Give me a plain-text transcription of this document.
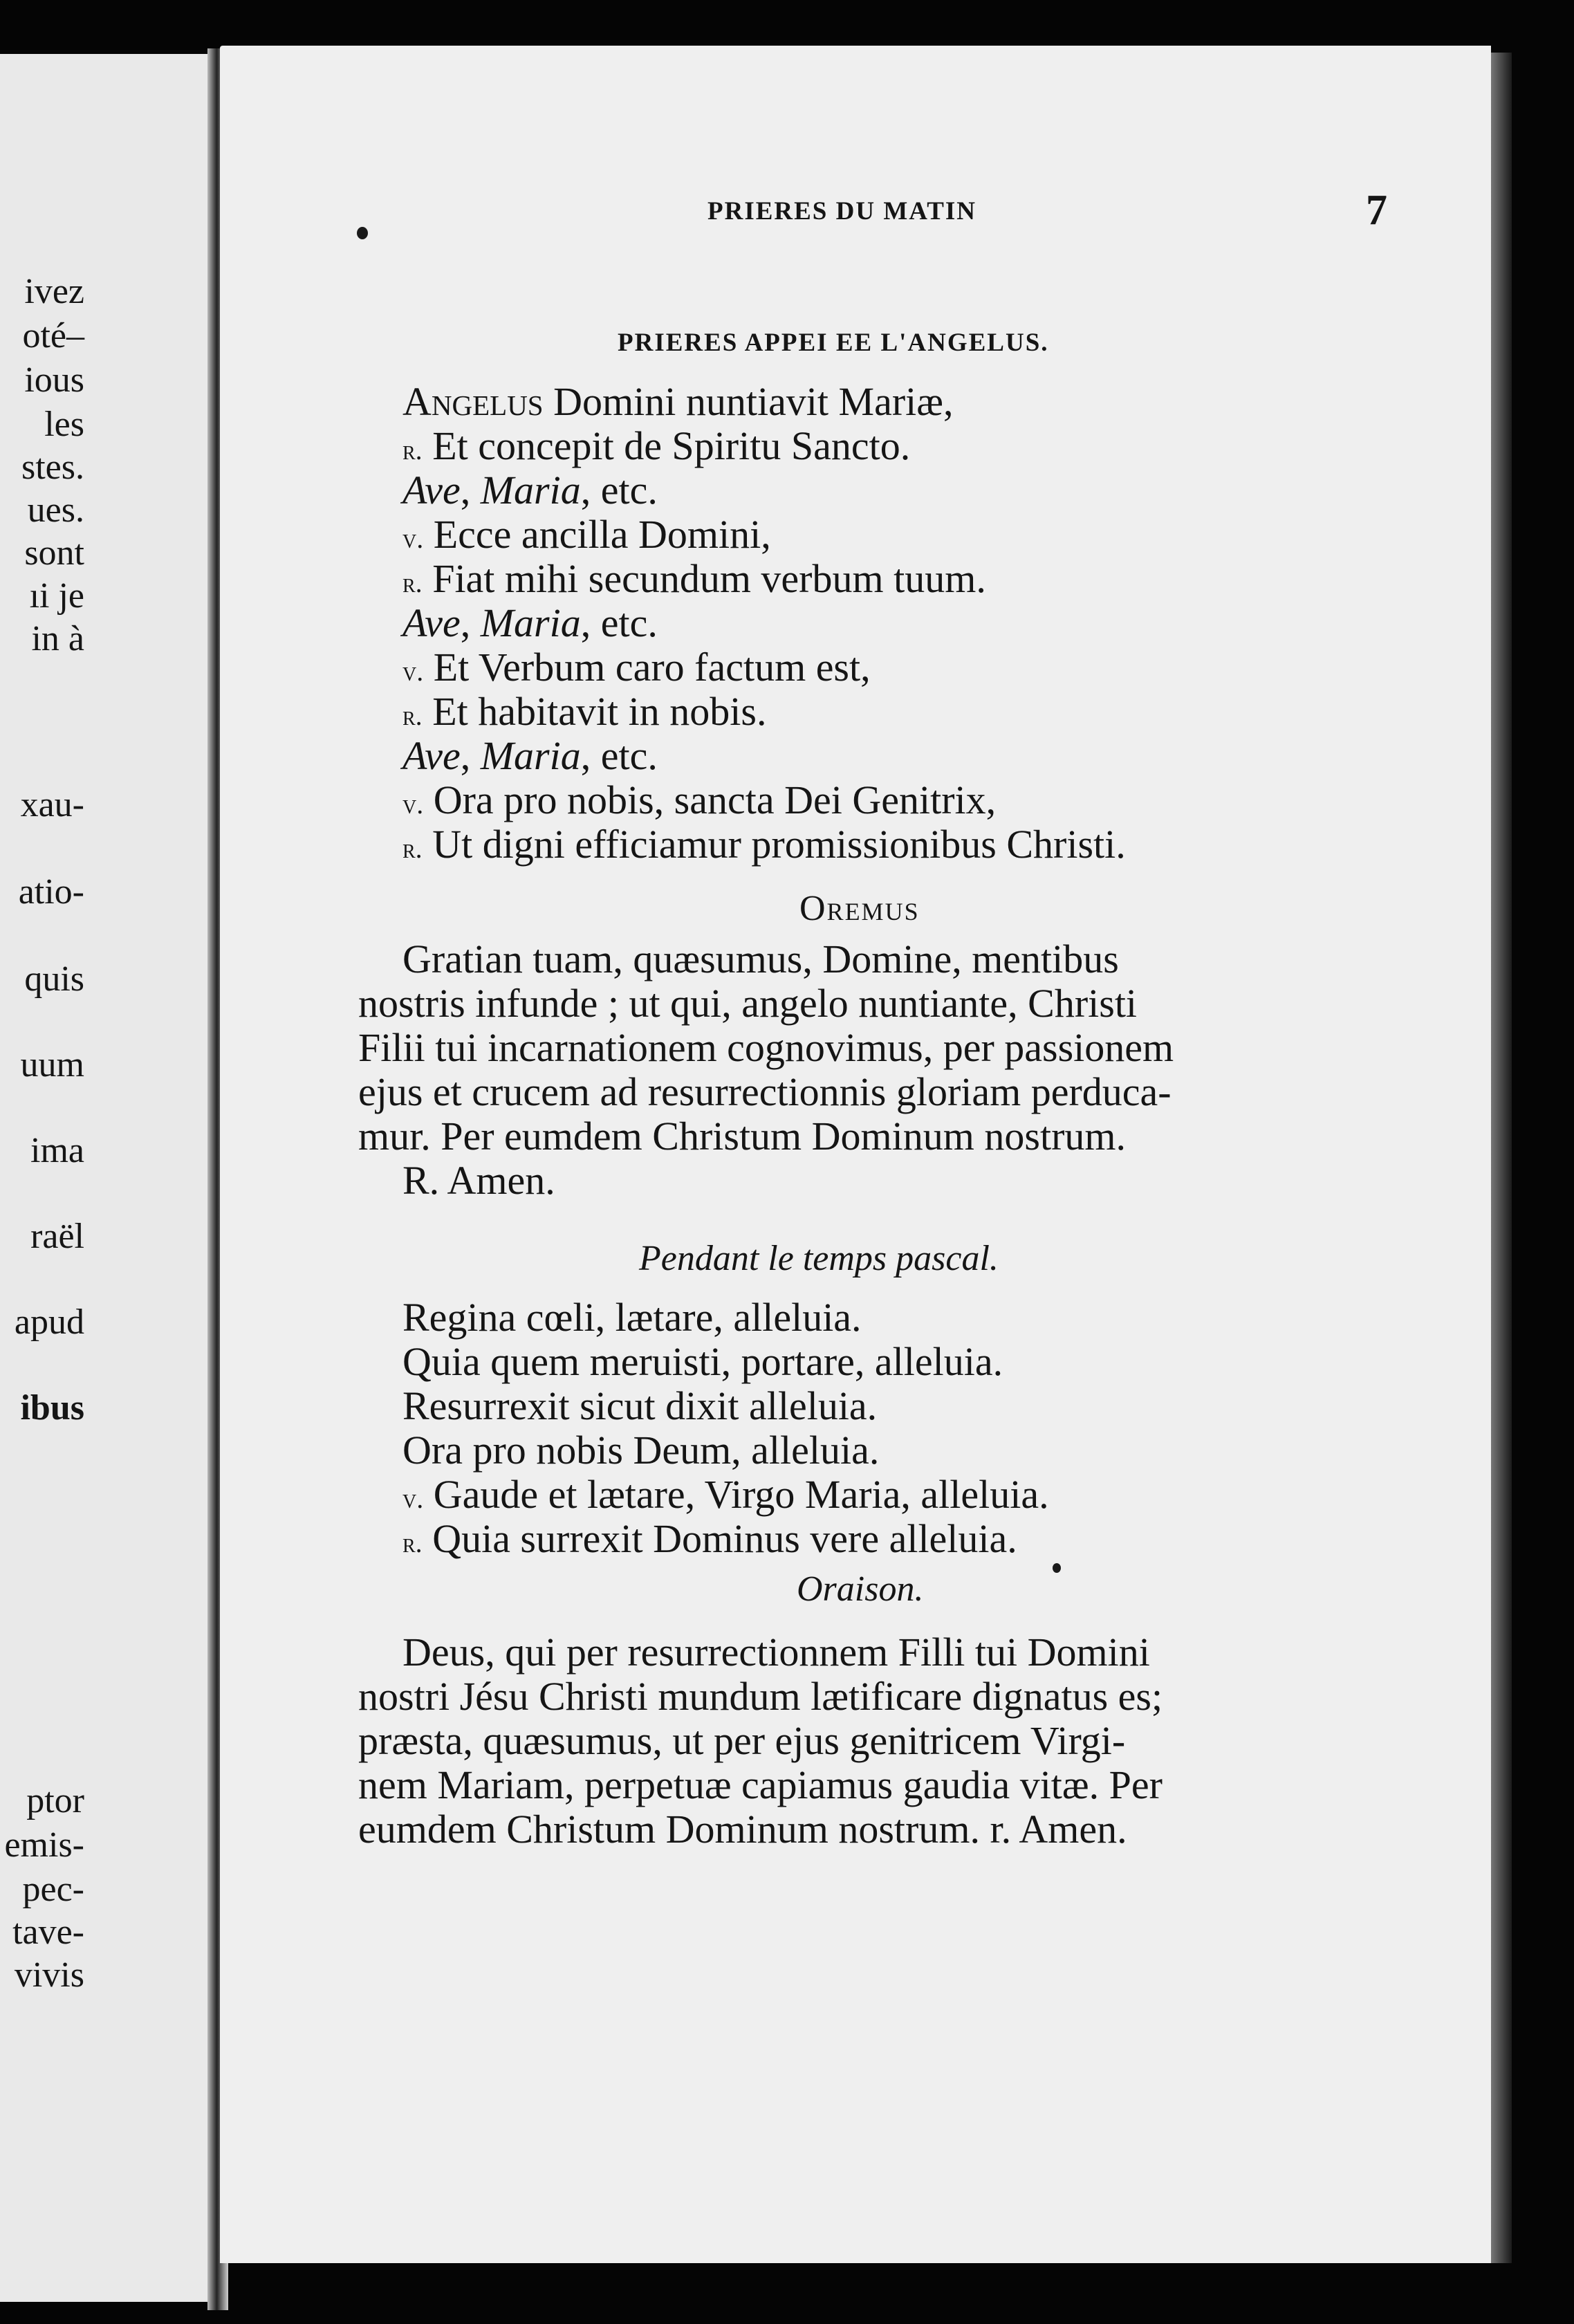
ivez
oté–
ious
les
stes.
ues.
sont
ıi je
in à
xau-
atio-
quis
uum
ima
raël
apud
ibus
ptor
emis-
pec-
tave-
vivis
PRIERES DU MATIN	7
PRIERES APPEI EE L'ANGELUS.
Angelus Domini nuntiavit Mariæ,
r. Et concepit de Spiritu Sancto.
Ave, Maria, etc.
v. Ecce ancilla Domini,
r. Fiat mihi secundum verbum tuum.
Ave, Maria, etc.
v. Et Verbum caro factum est,
r. Et habitavit in nobis.
Ave, Maria, etc.
v. Ora pro nobis, sancta Dei Genitrix,
r. Ut digni efficiamur promissionibus Christi.
Oremus
Gratian tuam, quæsumus, Domine, mentibus
nostris infunde ; ut qui, angelo nuntiante, Christi
Filii tui incarnationem cognovimus, per passionem
ejus et crucem ad resurrectionnis gloriam perduca-
mur. Per eumdem Christum Dominum nostrum.
R. Amen.
Pendant le temps pascal.
Regina cœli, lætare, alleluia.
Quia quem meruisti, portare, alleluia.
Resurrexit sicut dixit alleluia.
Ora pro nobis Deum, alleluia.
v. Gaude et lætare, Virgo Maria, alleluia.
r. Quia surrexit Dominus vere alleluia.
Oraison.
Deus, qui per resurrectionnem Filli tui Domini
nostri Jésu Christi mundum lætificare dignatus es;
præsta, quæsumus, ut per ejus genitricem Virgi-
nem Mariam, perpetuæ capiamus gaudia vitæ. Per
eumdem Christum Dominum nostrum. r. Amen.
